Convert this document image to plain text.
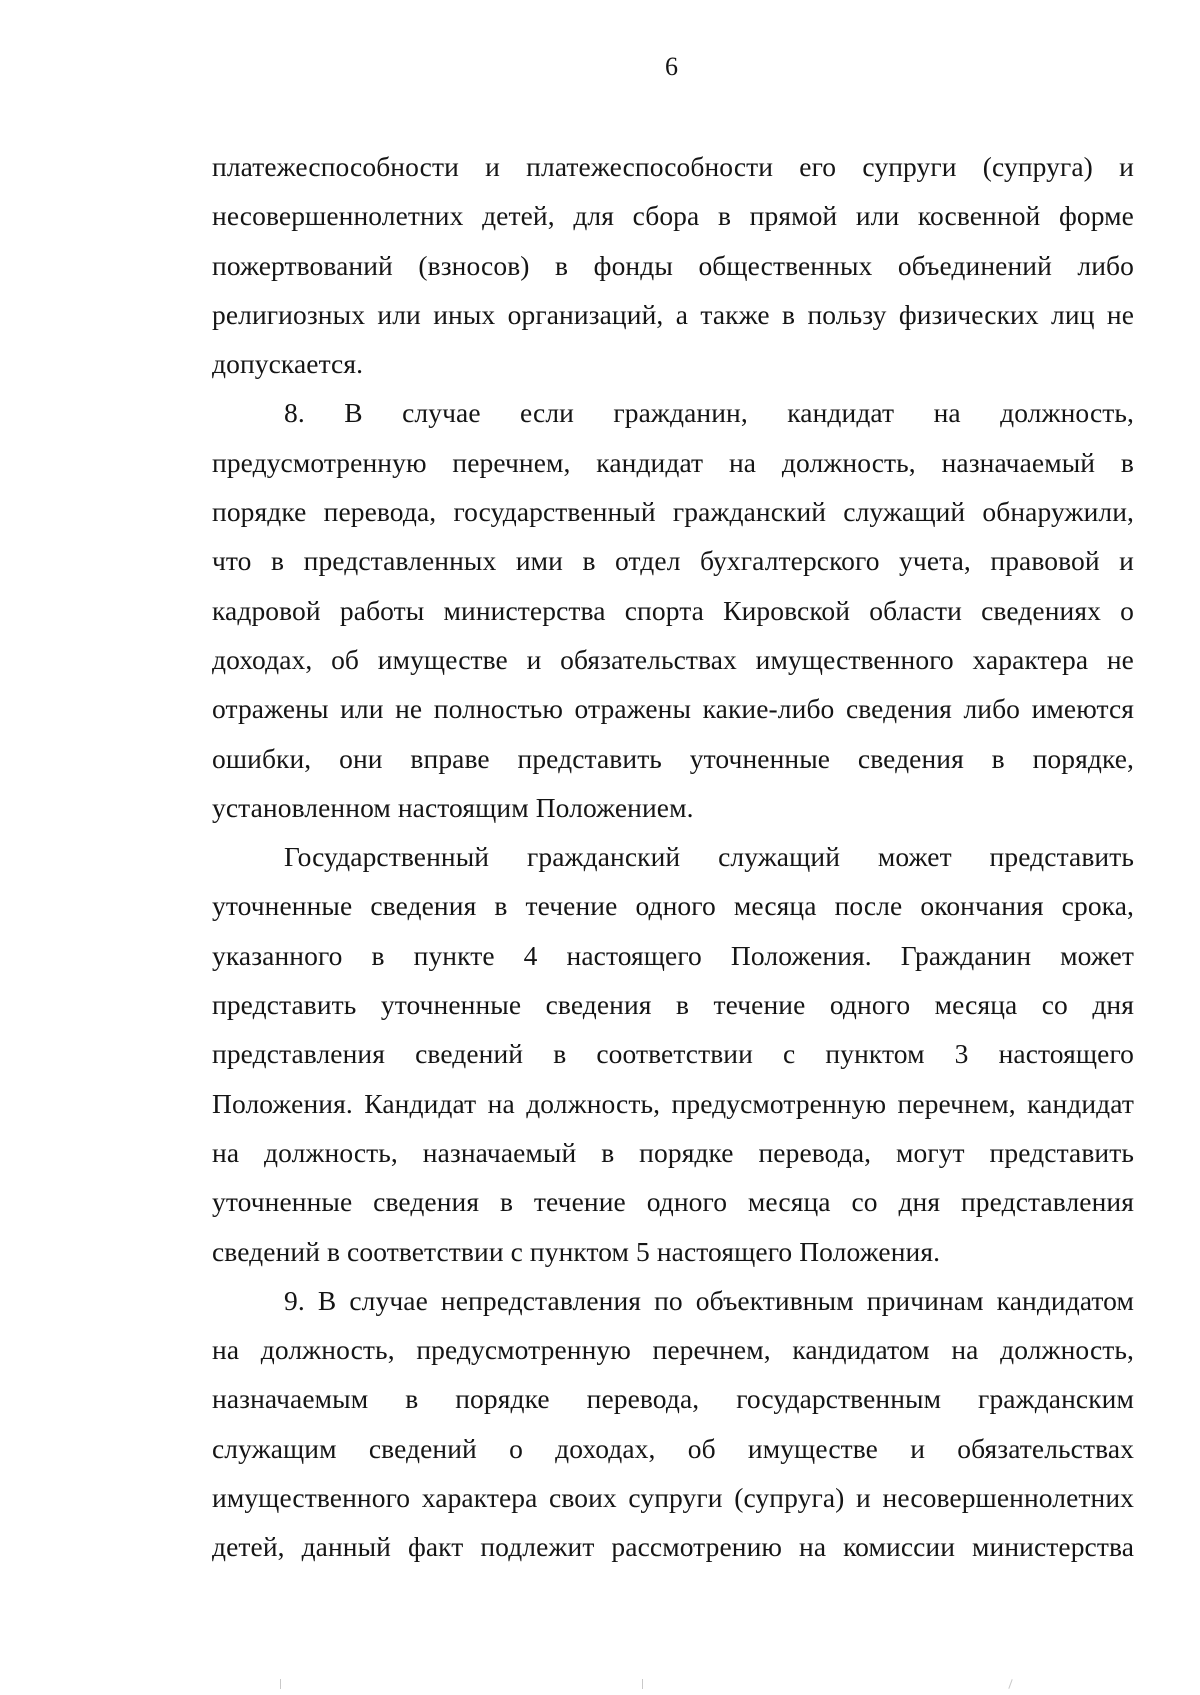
6
платежеспособности и платежеспособности его супруги (супруга) и
несовершеннолетних детей, для сбора в прямой или косвенной форме
пожертвований (взносов) в фонды общественных объединений либо
религиозных или иных организаций, а также в пользу физических лиц не
допускается.
8. В случае если гражданин, кандидат на должность,
предусмотренную перечнем, кандидат на должность, назначаемый в
порядке перевода, государственный гражданский служащий обнаружили,
что в представленных ими в отдел бухгалтерского учета, правовой и
кадровой работы министерства спорта Кировской области сведениях о
доходах, об имуществе и обязательствах имущественного характера не
отражены или не полностью отражены какие-либо сведения либо имеются
ошибки, они вправе представить уточненные сведения в порядке,
установленном настоящим Положением.
Государственный гражданский служащий может представить
уточненные сведения в течение одного месяца после окончания срока,
указанного в пункте 4 настоящего Положения. Гражданин может
представить уточненные сведения в течение одного месяца со дня
представления сведений в соответствии с пунктом 3 настоящего
Положения. Кандидат на должность, предусмотренную перечнем, кандидат
на должность, назначаемый в порядке перевода, могут представить
уточненные сведения в течение одного месяца со дня представления
сведений в соответствии с пунктом 5 настоящего Положения.
9. В случае непредставления по объективным причинам кандидатом
на должность, предусмотренную перечнем, кандидатом на должность,
назначаемым в порядке перевода, государственным гражданским
служащим сведений о доходах, об имуществе и обязательствах
имущественного характера своих супруги (супруга) и несовершеннолетних
детей, данный факт подлежит рассмотрению на комиссии министерства
